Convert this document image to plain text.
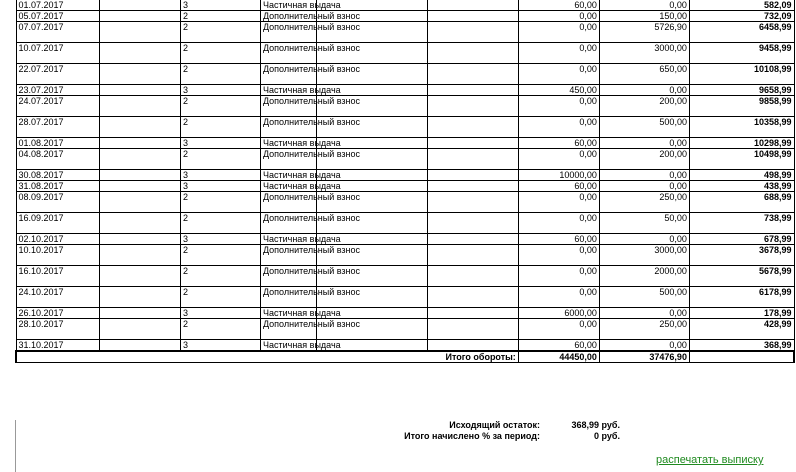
01.07.2017		3	Частичная выдача			60,00	0,00	582,09
05.07.2017		2	Дополнительный взнос			0,00	150,00	732,09
07.07.2017		2	Дополнительный взнос			0,00	5726,90	6458,99
10.07.2017		2	Дополнительный взнос			0,00	3000,00	9458,99
22.07.2017		2	Дополнительный взнос			0,00	650,00	10108,99
23.07.2017		3	Частичная выдача			450,00	0,00	9658,99
24.07.2017		2	Дополнительный взнос			0,00	200,00	9858,99
28.07.2017		2	Дополнительный взнос			0,00	500,00	10358,99
01.08.2017		3	Частичная выдача			60,00	0,00	10298,99
04.08.2017		2	Дополнительный взнос			0,00	200,00	10498,99
30.08.2017		3	Частичная выдача			10000,00	0,00	498,99
31.08.2017		3	Частичная выдача			60,00	0,00	438,99
08.09.2017		2	Дополнительный взнос			0,00	250,00	688,99
16.09.2017		2	Дополнительный взнос			0,00	50,00	738,99
02.10.2017		3	Частичная выдача			60,00	0,00	678,99
10.10.2017		2	Дополнительный взнос			0,00	3000,00	3678,99
16.10.2017		2	Дополнительный взнос			0,00	2000,00	5678,99
24.10.2017		2	Дополнительный взнос			0,00	500,00	6178,99
26.10.2017		3	Частичная выдача			6000,00	0,00	178,99
28.10.2017		2	Дополнительный взнос			0,00	250,00	428,99
31.10.2017		3	Частичная выдача			60,00	0,00	368,99
Итого обороты:						44450,00	37476,90	
Исходящий остаток:	368,99 руб.
Итого начислено % за период:	0 руб.
распечатать выписку
